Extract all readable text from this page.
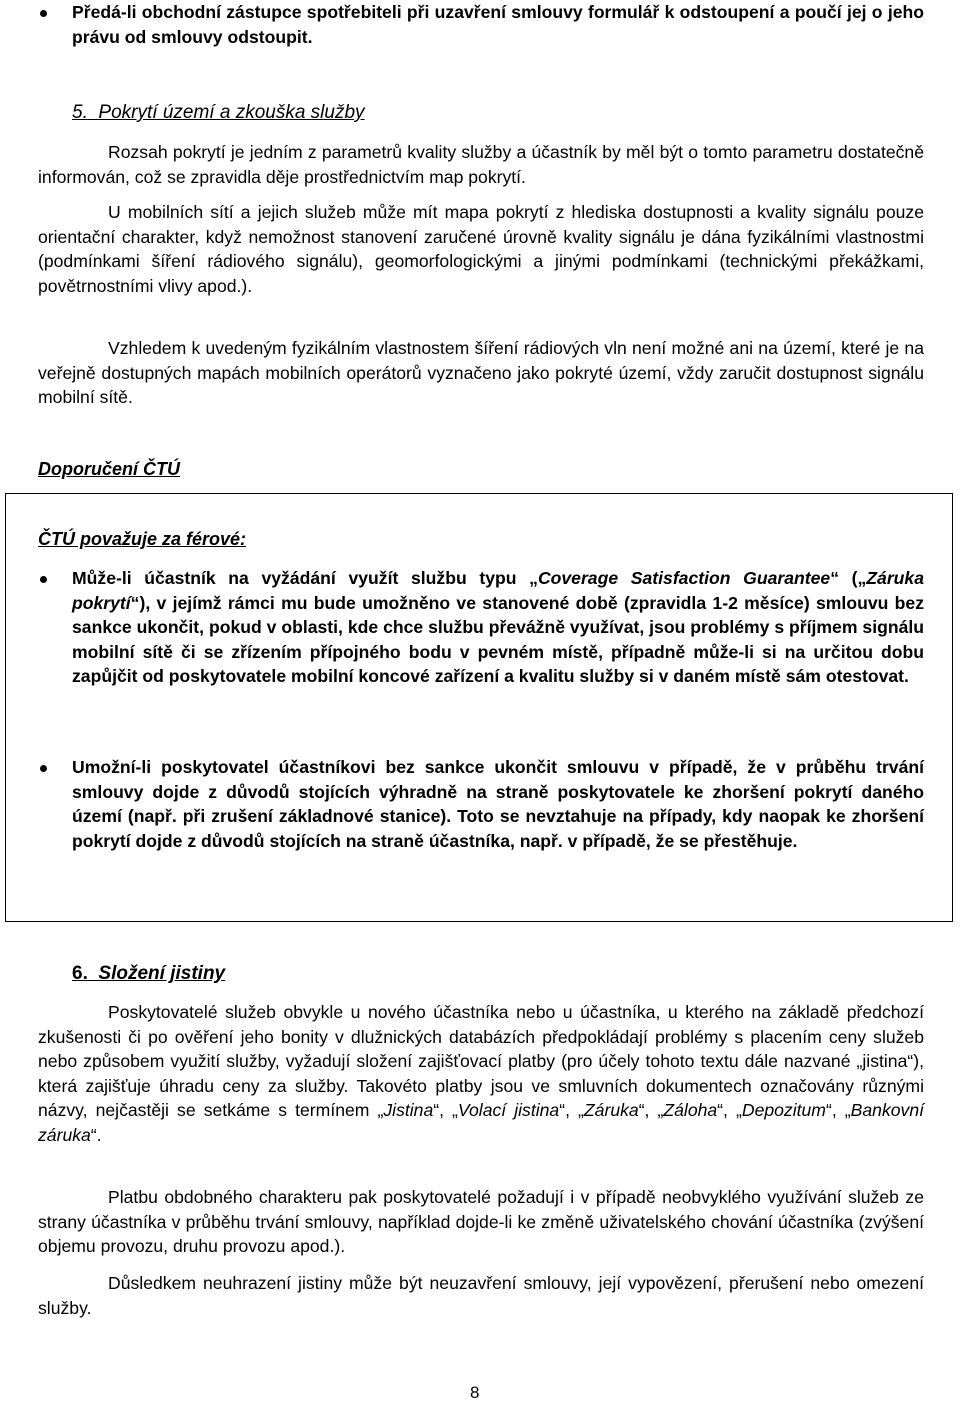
Předá-li obchodní zástupce spotřebiteli při uzavření smlouvy formulář k odstoupení a poučí jej o jeho právu od smlouvy odstoupit.

5. Pokrytí území a zkouška služby

Rozsah pokrytí je jedním z parametrů kvality služby a účastník by měl být o tomto parametru dostatečně informován, což se zpravidla děje prostřednictvím map pokrytí.

U mobilních sítí a jejich služeb může mít mapa pokrytí z hlediska dostupnosti a kvality signálu pouze orientační charakter, když nemožnost stanovení zaručené úrovně kvality signálu je dána fyzikálními vlastnostmi (podmínkami šíření rádiového signálu), geomorfologickými a jinými podmínkami (technickými překážkami, povětrnostními vlivy apod.).

Vzhledem k uvedeným fyzikálním vlastnostem šíření rádiových vln není možné ani na území, které je na veřejně dostupných mapách mobilních operátorů vyznačeno jako pokryté území, vždy zaručit dostupnost signálu mobilní sítě.

Doporučení ČTÚ
ČTÚ považuje za férové:

Může-li účastník na vyžádání využít službu typu „Coverage Satisfaction Guarantee“ („Záruka pokrytí“), v jejímž rámci mu bude umožněno ve stanovené době (zpravidla 1-2 měsíce) smlouvu bez sankce ukončit, pokud v oblasti, kde chce službu převážně využívat, jsou problémy s příjmem signálu mobilní sítě či se zřízením přípojného bodu v pevném místě, případně může-li si na určitou dobu zapůjčit od poskytovatele mobilní koncové zařízení a kvalitu služby si v daném místě sám otestovat.

Umožní-li poskytovatel účastníkovi bez sankce ukončit smlouvu v případě, že v průběhu trvání smlouvy dojde z důvodů stojících výhradně na straně poskytovatele ke zhoršení pokrytí daného území (např. při zrušení základnové stanice). Toto se nevztahuje na případy, kdy naopak ke zhoršení pokrytí dojde z důvodů stojících na straně účastníka, např. v případě, že se přestěhuje.

6. Složení jistiny

Poskytovatelé služeb obvykle u nového účastníka nebo u účastníka, u kterého na základě předchozí zkušenosti či po ověření jeho bonity v dlužnických databázích předpokládají problémy s placením ceny služeb nebo způsobem využití služby, vyžadují složení zajišťovací platby (pro účely tohoto textu dále nazvané „jistina“), která zajišťuje úhradu ceny za služby. Takovéto platby jsou ve smluvních dokumentech označovány různými názvy, nejčastěji se setkáme s termínem „Jistina“, „Volací jistina“, „Záruka“, „Záloha“, „Depozitum“, „Bankovní záruka“.

Platbu obdobného charakteru pak poskytovatelé požadují i v případě neobvyklého využívání služeb ze strany účastníka v průběhu trvání smlouvy, například dojde-li ke změně uživatelského chování účastníka (zvýšení objemu provozu, druhu provozu apod.).

Důsledkem neuhrazení jistiny může být neuzavření smlouvy, její vypovězení, přerušení nebo omezení služby.

8
